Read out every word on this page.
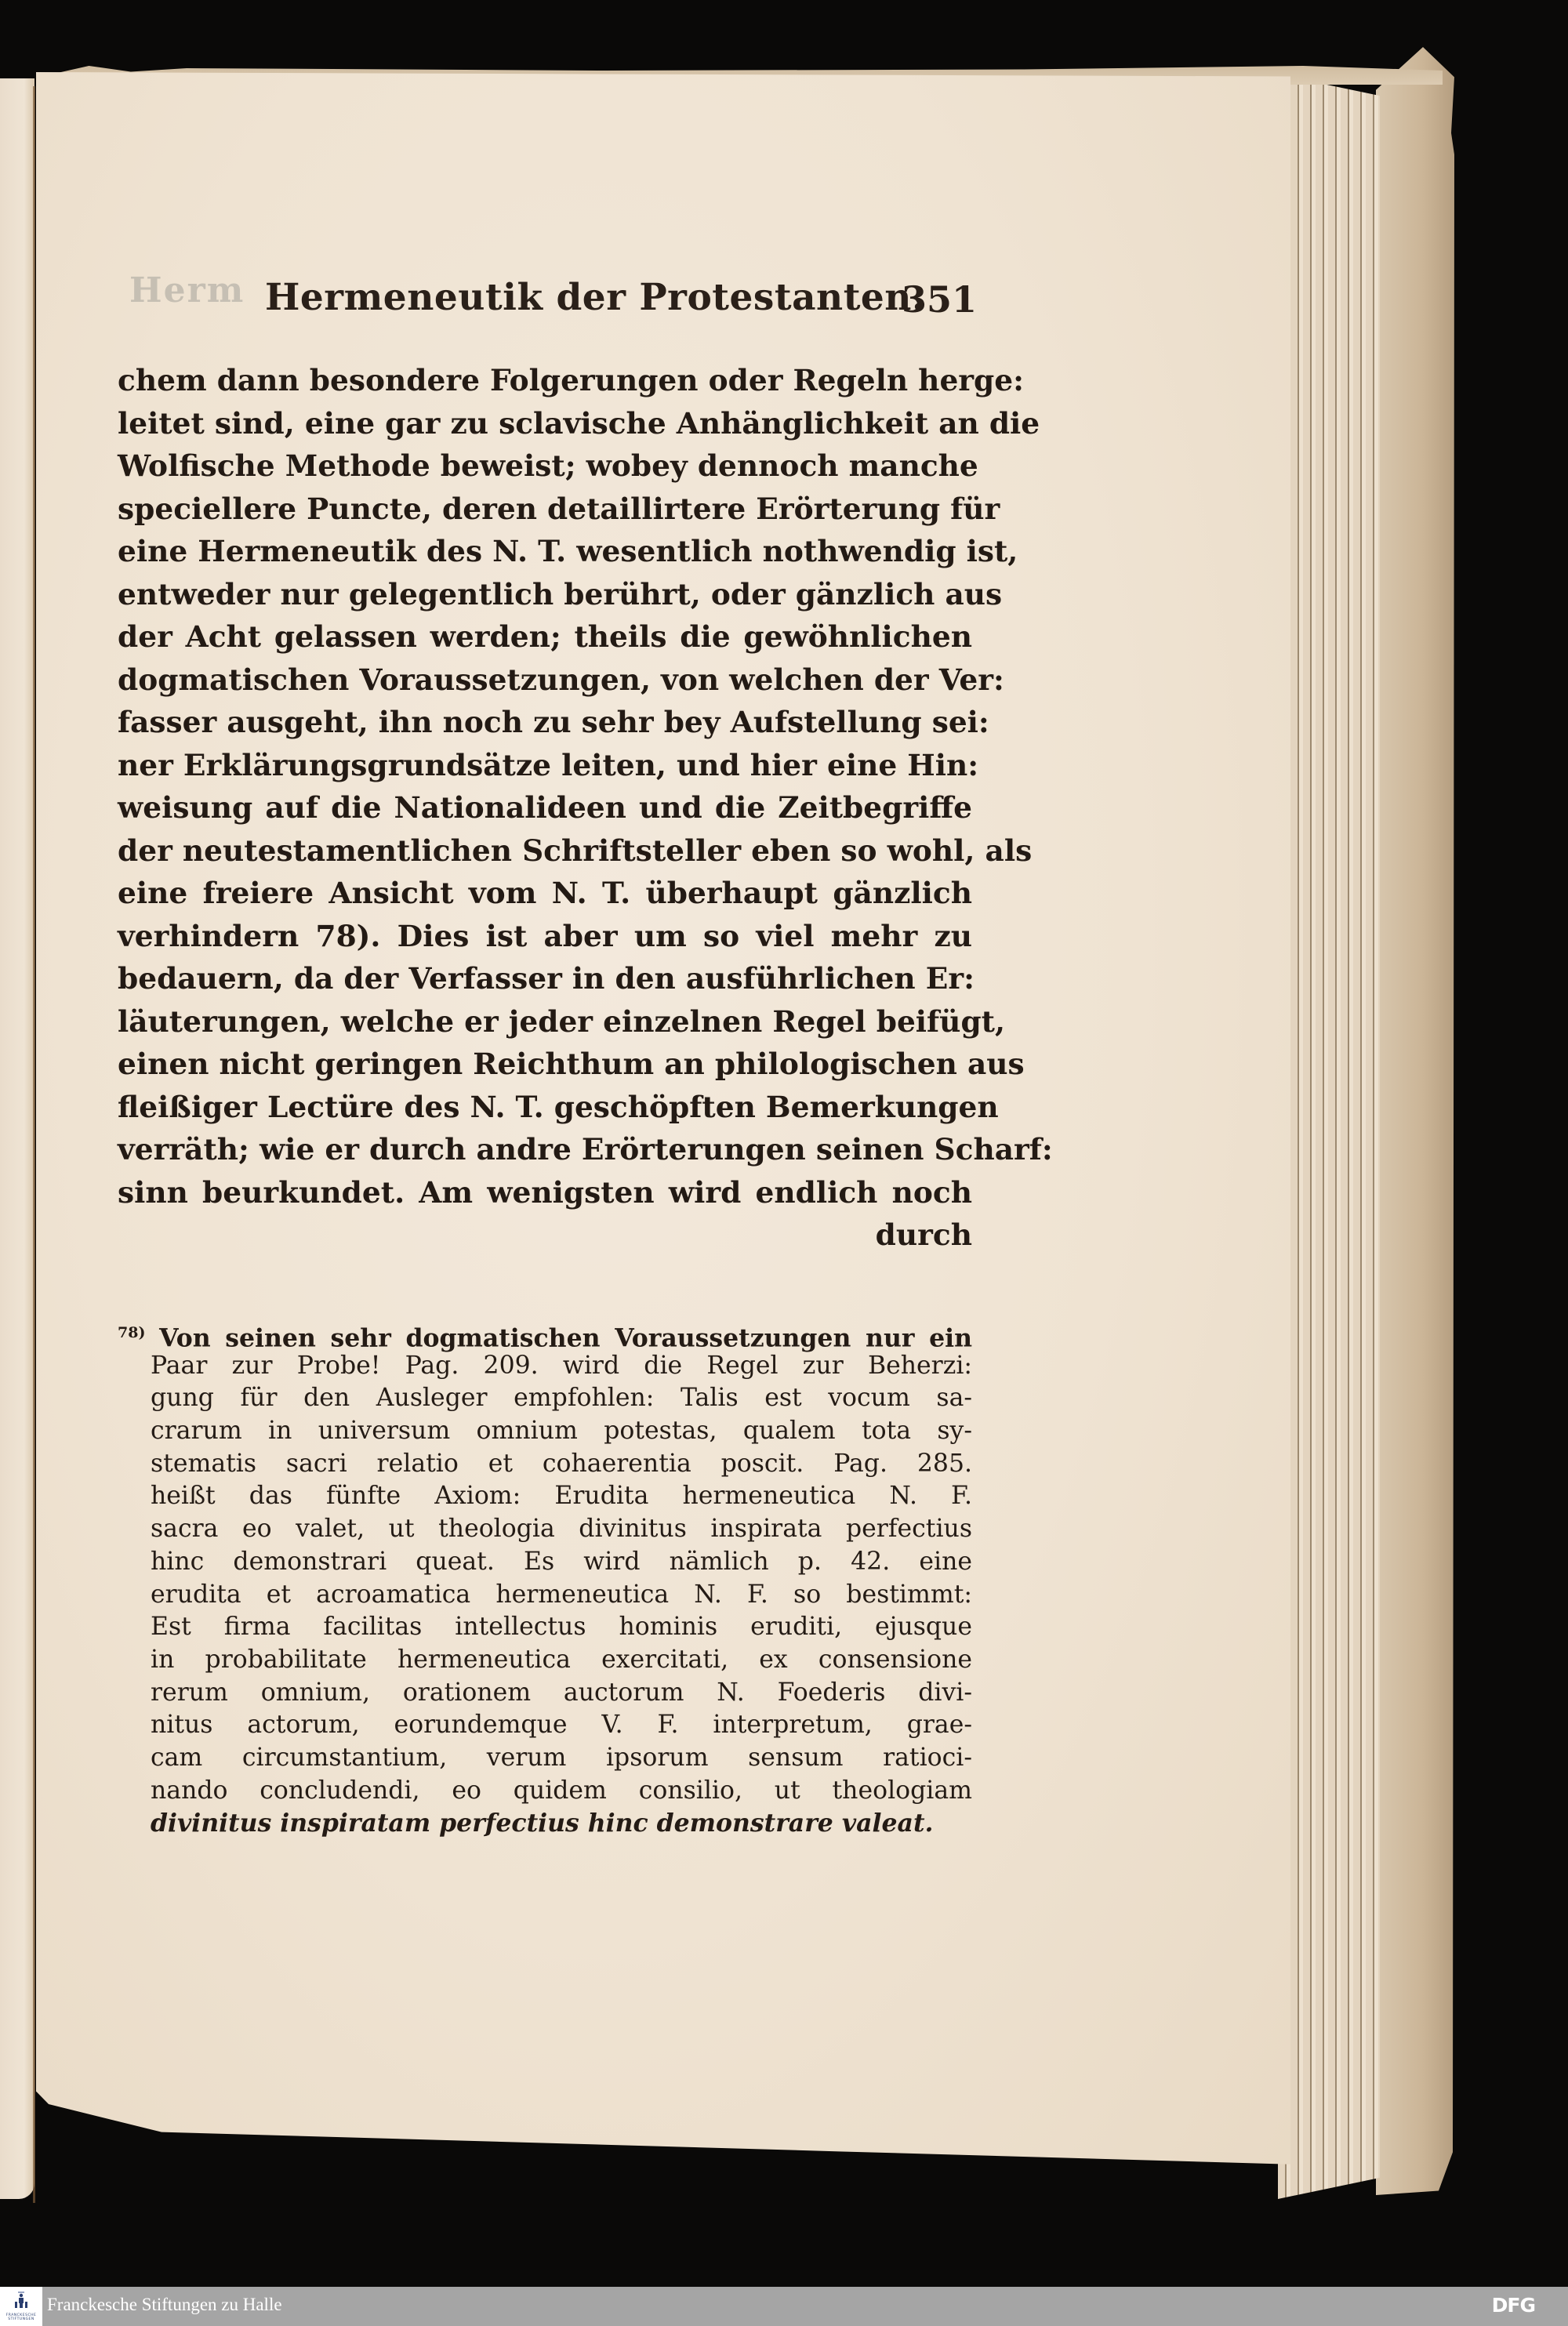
Herm Hermeneutik der Protestanten.
351
chem dann besondere Folgerungen oder Regeln herge:
leitet sind, eine gar zu sclavische Anhänglichkeit an die
Wolfische Methode beweist; wobey dennoch manche
speciellere Puncte, deren detaillirtere Erörterung für
eine Hermeneutik des N. T. wesentlich nothwendig ist,
entweder nur gelegentlich berührt, oder gänzlich aus
der Acht gelassen werden; theils die gewöhnlichen
dogmatischen Voraussetzungen, von welchen der Ver:
fasser ausgeht, ihn noch zu sehr bey Aufstellung sei:
ner Erklärungsgrundsätze leiten, und hier eine Hin:
weisung auf die Nationalideen und die Zeitbegriffe
der neutestamentlichen Schriftsteller eben so wohl, als
eine freiere Ansicht vom N. T. überhaupt gänzlich
verhindern 78). Dies ist aber um so viel mehr zu
bedauern, da der Verfasser in den ausführlichen Er:
läuterungen, welche er jeder einzelnen Regel beifügt,
einen nicht geringen Reichthum an philologischen aus
fleißiger Lectüre des N. T. geschöpften Bemerkungen
verräth; wie er durch andre Erörterungen seinen Scharf:
sinn beurkundet. Am wenigsten wird endlich noch
durch
$^{78)}$ Von seinen sehr dogmatischen Voraussetzungen nur ein
Paar zur Probe! Pag. 209. wird die Regel zur Beherzi:
gung für den Ausleger empfohlen: Talis est vocum sa-
crarum in universum omnium potestas, qualem tota sy-
stematis sacri relatio et cohaerentia poscit. Pag. 285.
heißt das fünfte Axiom: Erudita hermeneutica N. F.
sacra eo valet, ut theologia divinitus inspirata perfectius
hinc demonstrari queat. Es wird nämlich p. 42. eine
erudita et acroamatica hermeneutica N. F. so bestimmt:
Est firma facilitas intellectus hominis eruditi, ejusque
in probabilitate hermeneutica exercitati, ex consensione
rerum omnium, orationem auctorum N. Foederis divi-
nitus actorum, eorundemque V. F. interpretum, grae-
cam circumstantium, verum ipsorum sensum ratioci-
nando concludendi, eo quidem consilio, ut theologiam
divinitus inspiratam perfectius hinc demonstrare valeat.
FRANCKESCHE
STIFTUNGEN
Franckesche Stiftungen zu Halle	DFG
